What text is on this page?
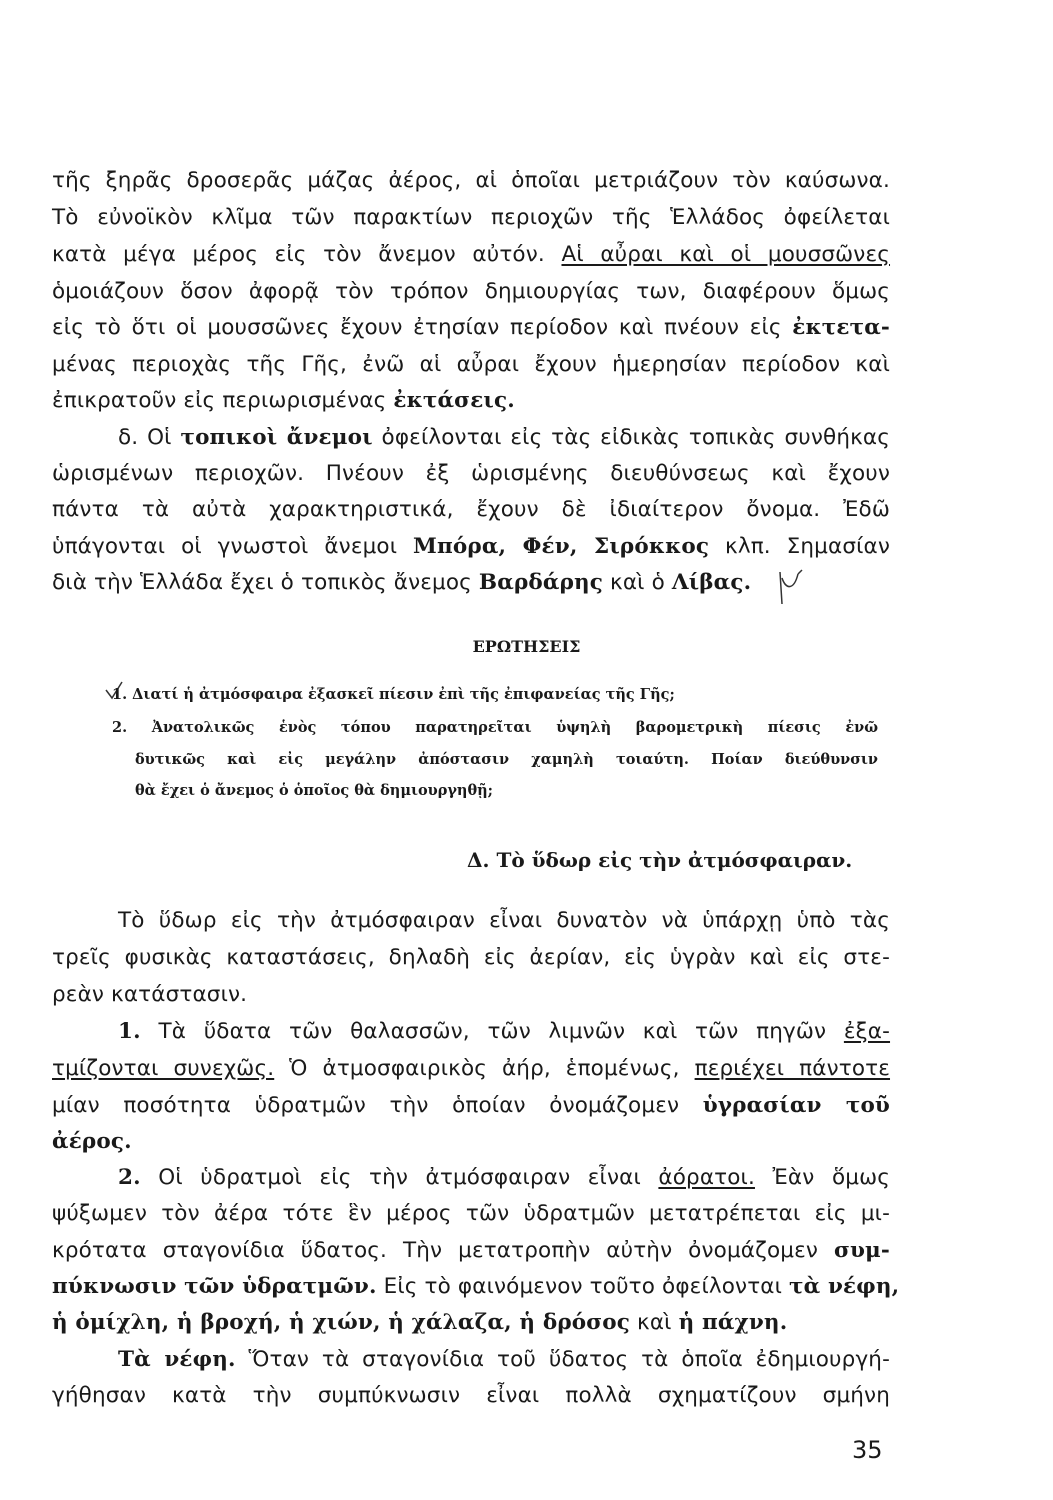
τῆς ξηρᾶς δροσερᾶς μάζας ἀέρος, αἱ ὁποῖαι μετριάζουν τὸν καύσωνα.
Τὸ εὐνοϊκὸν κλῖμα τῶν παρακτίων περιοχῶν τῆς Ἑλλάδος ὀφείλεται
κατὰ μέγα μέρος εἰς τὸν ἄνεμον αὐτόν. Αἱ αὖραι καὶ οἱ μουσσῶνες
ὁμοιάζουν ὅσον ἀφορᾷ τὸν τρόπον δημιουργίας των, διαφέρουν ὅμως
εἰς τὸ ὅτι οἱ μουσσῶνες ἔχουν ἐτησίαν περίοδον καὶ πνέουν εἰς ἐκτετα-
μένας περιοχὰς τῆς Γῆς, ἐνῶ αἱ αὖραι ἔχουν ἡμερησίαν περίοδον καὶ
ἐπικρατοῦν εἰς περιωρισμένας ἐκτάσεις.
δ. Οἱ τοπικοὶ ἄνεμοι ὀφείλονται εἰς τὰς εἰδικὰς τοπικὰς συνθήκας
ὡρισμένων περιοχῶν. Πνέουν ἐξ ὡρισμένης διευθύνσεως καὶ ἔχουν
πάντα τὰ αὐτὰ χαρακτηριστικά, ἔχουν δὲ ἰδιαίτερον ὄνομα. Ἐδῶ
ὑπάγονται οἱ γνωστοὶ ἄνεμοι Μπόρα, Φέν, Σιρόκκος κλπ. Σημασίαν
διὰ τὴν Ἑλλάδα ἔχει ὁ τοπικὸς ἄνεμος Βαρδάρης καὶ ὁ Λίβας.
ΕΡΩΤΗΣΕΙΣ
1. Διατί ἡ ἀτμόσφαιρα ἐξασκεῖ πίεσιν ἐπὶ τῆς ἐπιφανείας τῆς Γῆς;
2. Ἀνατολικῶς ἑνὸς τόπου παρατηρεῖται ὑψηλὴ βαρομετρικὴ πίεσις ἐνῶ
δυτικῶς καὶ εἰς μεγάλην ἀπόστασιν χαμηλὴ τοιαύτη. Ποίαν διεύθυνσιν
θὰ ἔχει ὁ ἄνεμος ὁ ὁποῖος θὰ δημιουργηθῇ;
Δ. Τὸ ὕδωρ εἰς τὴν ἀτμόσφαιραν.
Τὸ ὕδωρ εἰς τὴν ἀτμόσφαιραν εἶναι δυνατὸν νὰ ὑπάρχῃ ὑπὸ τὰς
τρεῖς φυσικὰς καταστάσεις, δηλαδὴ εἰς ἀερίαν, εἰς ὑγρὰν καὶ εἰς στε-
ρεὰν κατάστασιν.
1. Τὰ ὕδατα τῶν θαλασσῶν, τῶν λιμνῶν καὶ τῶν πηγῶν ἐξα-
τμίζονται συνεχῶς. Ὁ ἀτμοσφαιρικὸς ἀήρ, ἑπομένως, περιέχει πάντοτε
μίαν ποσότητα ὑδρατμῶν τὴν ὁποίαν ὀνομάζομεν ὑγρασίαν τοῦ
ἀέρος.
2. Οἱ ὑδρατμοὶ εἰς τὴν ἀτμόσφαιραν εἶναι ἀόρατοι. Ἐὰν ὅμως
ψύξωμεν τὸν ἀέρα τότε ἓν μέρος τῶν ὑδρατμῶν μετατρέπεται εἰς μι-
κρότατα σταγονίδια ὕδατος. Τὴν μετατροπὴν αὐτὴν ὀνομάζομεν συμ-
πύκνωσιν τῶν ὑδρατμῶν. Εἰς τὸ φαινόμενον τοῦτο ὀφείλονται τὰ νέφη,
ἡ ὁμίχλη, ἡ βροχή, ἡ χιών, ἡ χάλαζα, ἡ δρόσος καὶ ἡ πάχνη.
Τὰ νέφη. Ὅταν τὰ σταγονίδια τοῦ ὕδατος τὰ ὁποῖα ἐδημιουργή-
γήθησαν κατὰ τὴν συμπύκνωσιν εἶναι πολλὰ σχηματίζουν σμήνη
35
